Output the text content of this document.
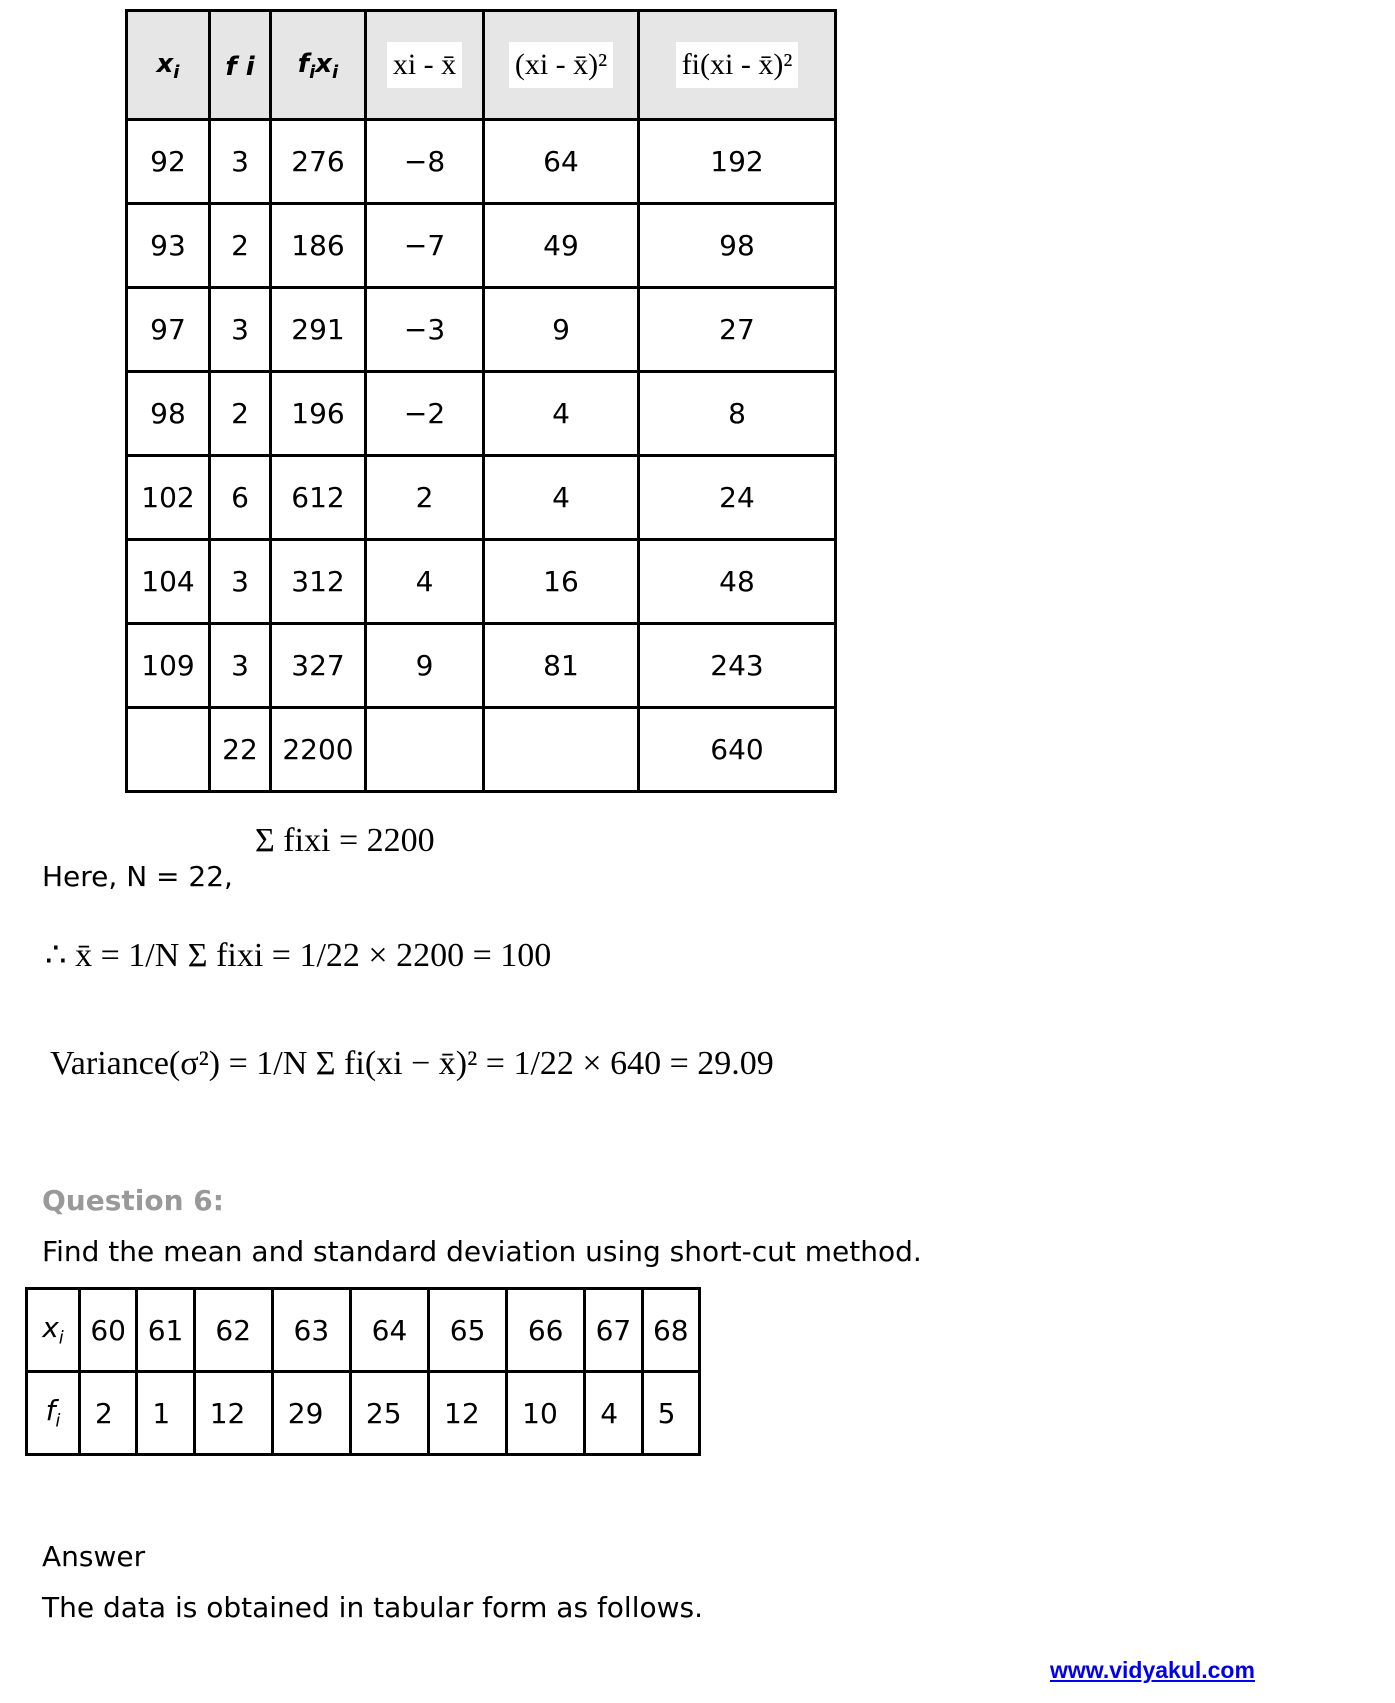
$x_i$	f i	$f_ix_i$	xi - x̄	(xi - x̄)²	fi(xi - x̄)²
92	3	276	−8	64	192
93	2	186	−7	49	98
97	3	291	−3	9	27
98	2	196	−2	4	8
102	6	612	2	4	24
104	3	312	4	16	48
109	3	327	9	81	243
	22	2200			640
Here, N = 22,
Σ fixi = 2200
∴ x̄ = 1/N Σ fixi = 1/22 × 2200 = 100
Variance(σ²) = 1/N Σ fi(xi − x̄)² = 1/22 × 640 = 29.09
Question 6:
Find the mean and standard deviation using short-cut method.
$x_i$	60	61	62	63	64	65	66	67	68
$f_i$	2	1	12	29	25	12	10	4	5
Answer
The data is obtained in tabular form as follows.
www.vidyakul.com
